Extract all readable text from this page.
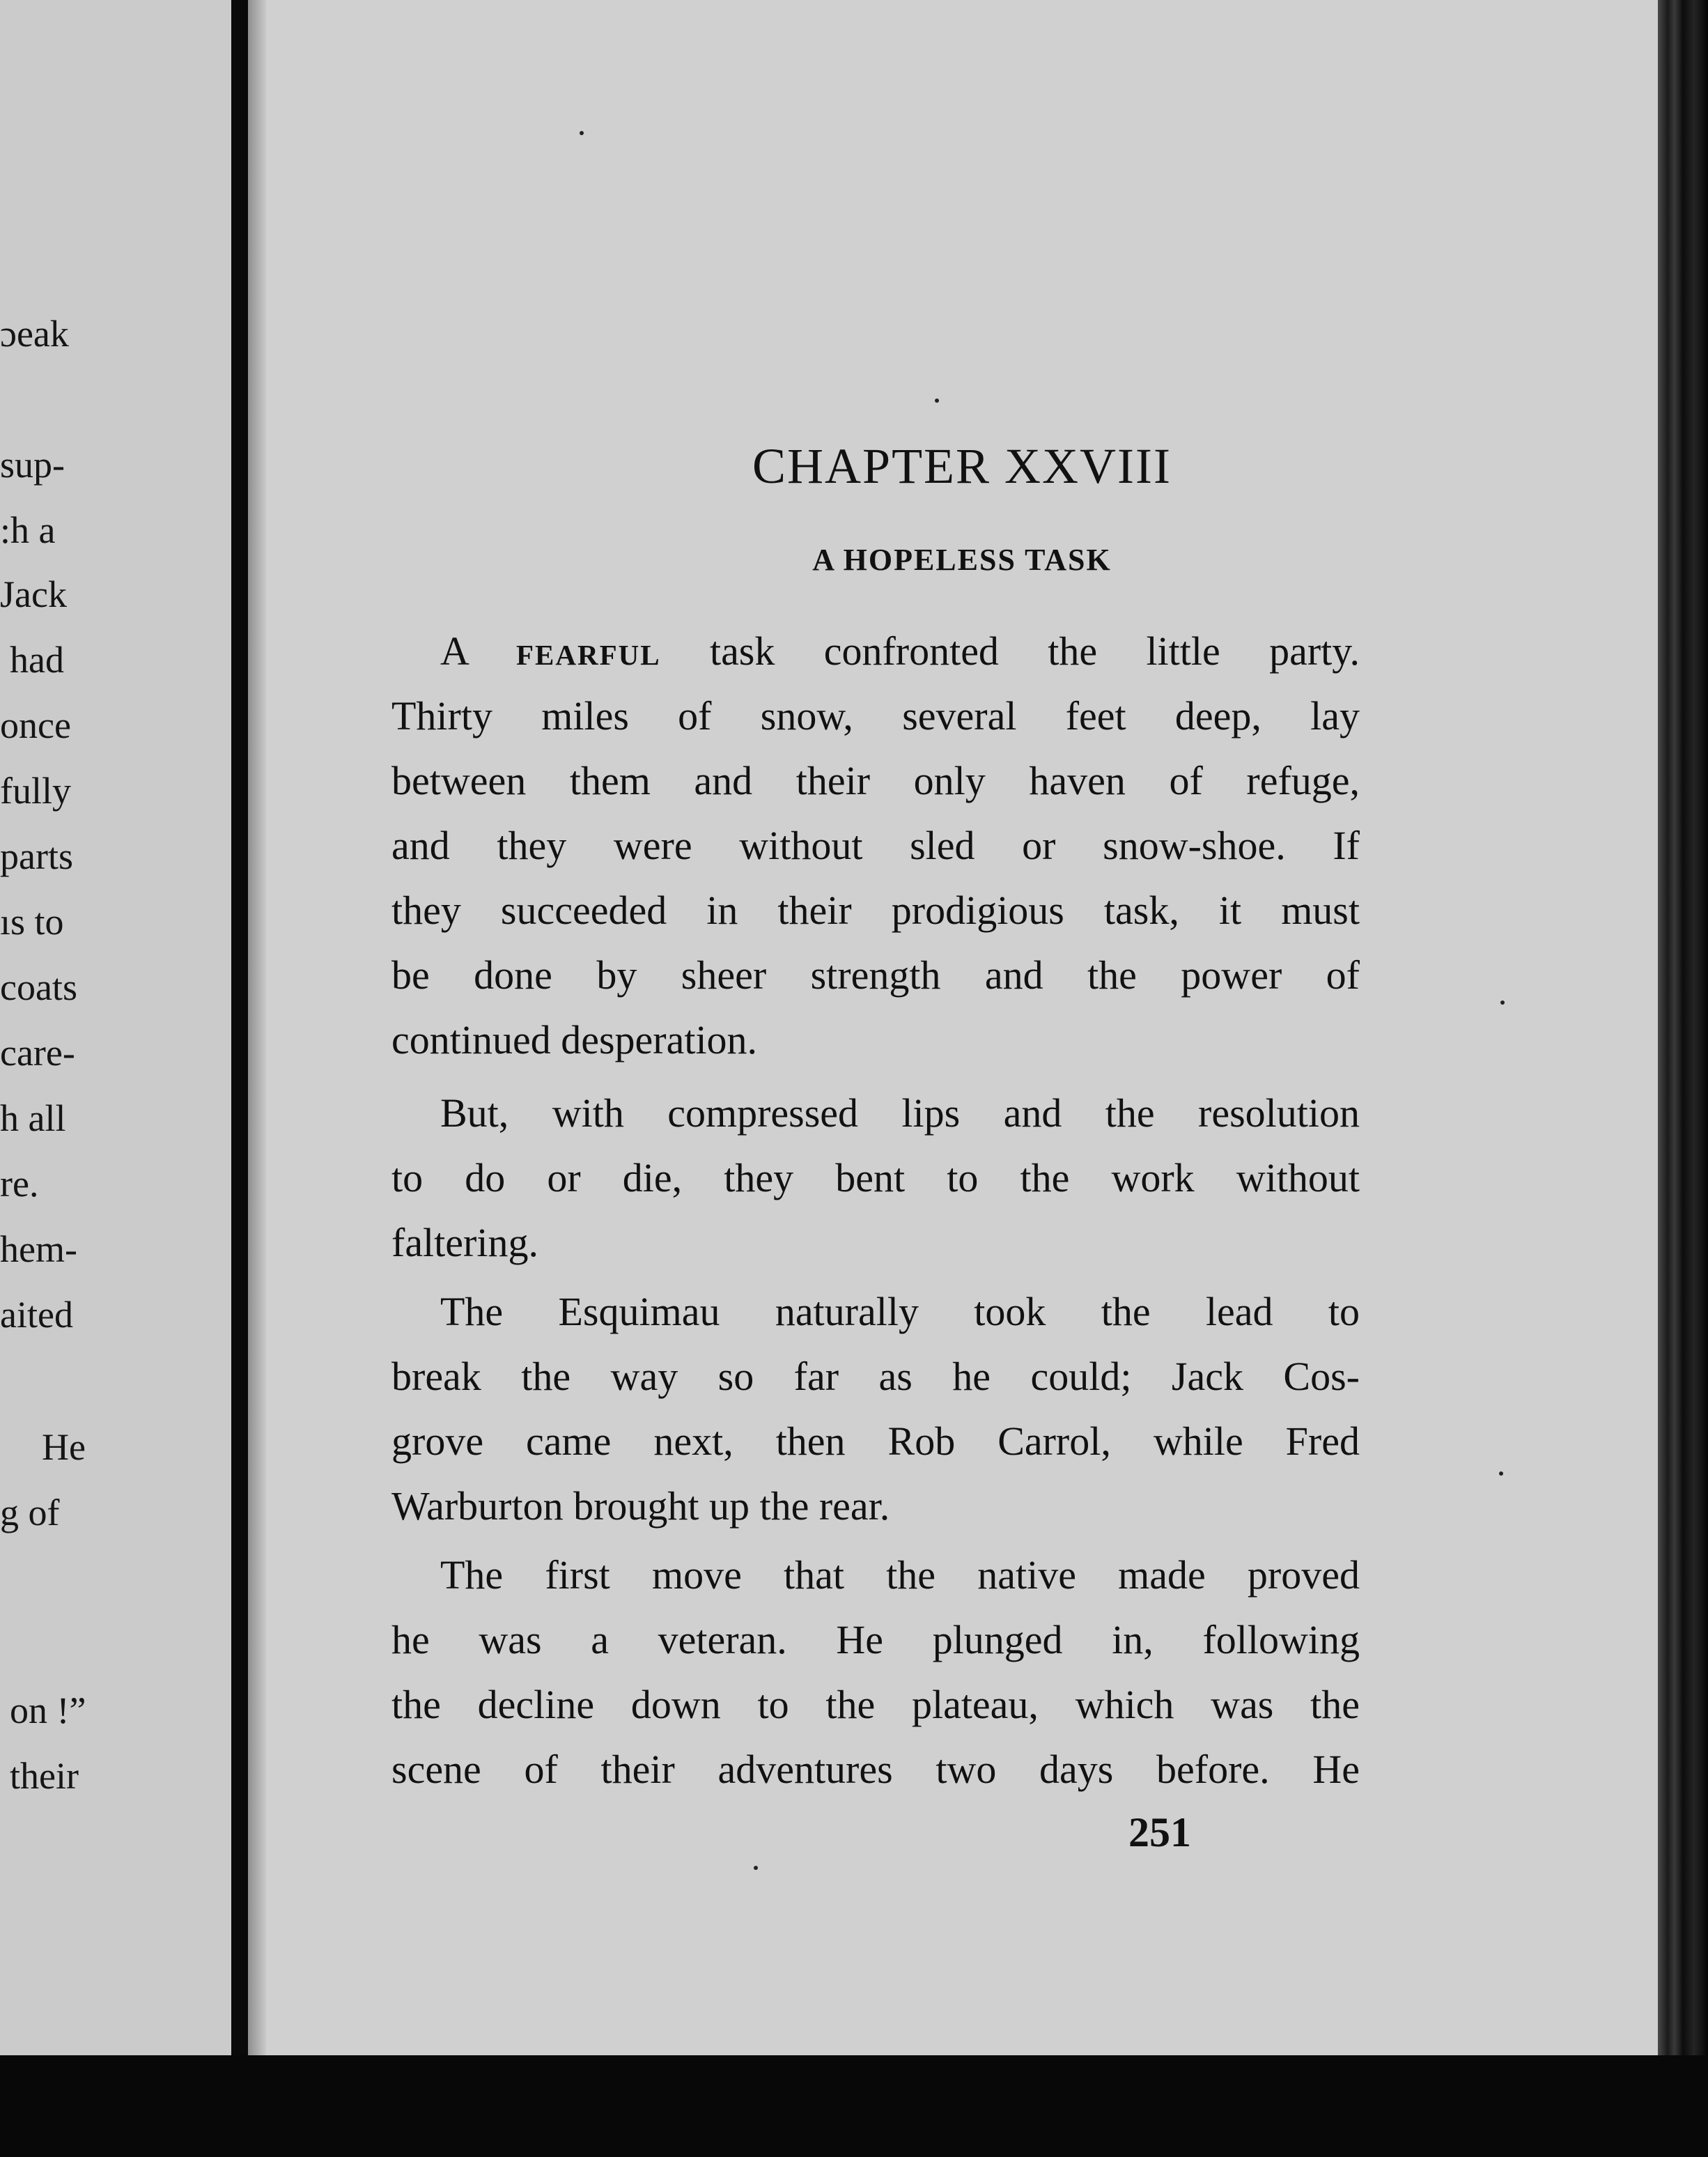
ɔeak
sup-
:h a
Jack
had
once
fully
parts
ıs to
coats
care-
h all
re.
hem-
aited
He
g of
on !”
their
CHAPTER XXVIII
A HOPELESS TASK
A fearful task confronted the little party.
Thirty miles of snow, several feet deep, lay
between them and their only haven of refuge,
and they were without sled or snow-shoe. If
they succeeded in their prodigious task, it must
be done by sheer strength and the power of
continued desperation.
But, with compressed lips and the resolution
to do or die, they bent to the work without
faltering.
The Esquimau naturally took the lead to
break the way so far as he could; Jack Cos-
grove came next, then Rob Carrol, while Fred
Warburton brought up the rear.
The first move that the native made proved
he was a veteran. He plunged in, following
the decline down to the plateau, which was the
scene of their adventures two days before. He

251
